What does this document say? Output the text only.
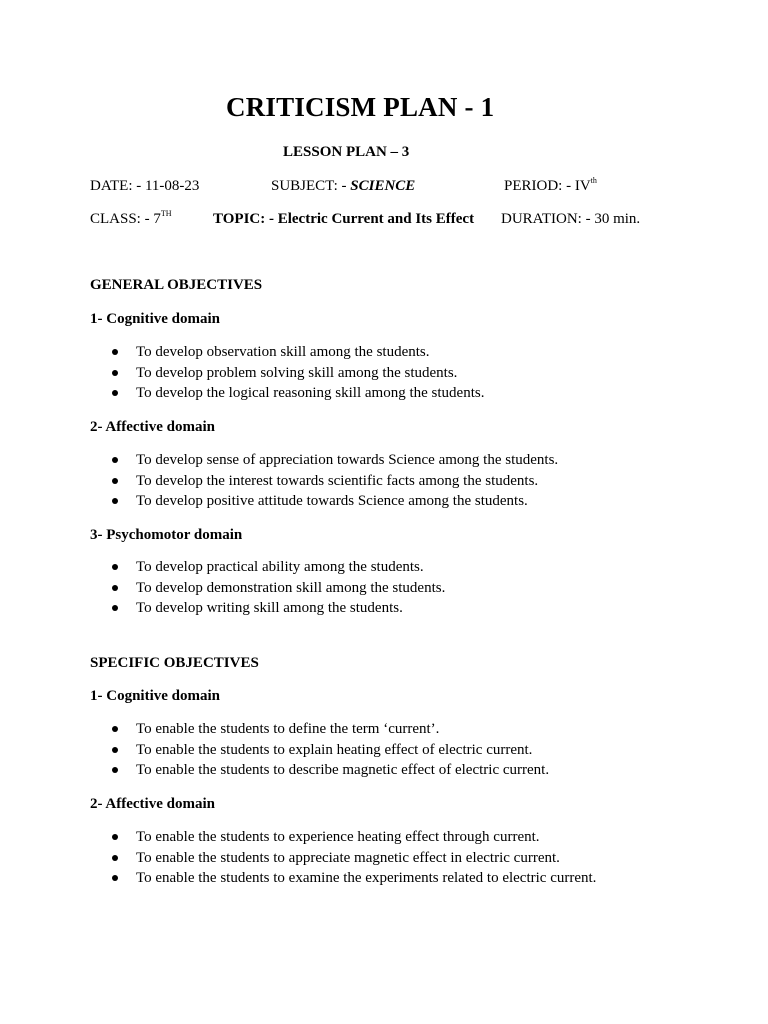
CRITICISM PLAN - 1
LESSON PLAN – 3
DATE: - 11-08-23	SUBJECT: - SCIENCE	PERIOD: - IVth
CLASS: - 7TH	TOPIC: - Electric Current and Its Effect DURATION: - 30 min.
GENERAL OBJECTIVES
1- Cognitive domain
To develop observation skill among the students.
To develop problem solving skill among the students.
To develop the logical reasoning skill among the students.
2- Affective domain
To develop sense of appreciation towards Science among the students.
To develop the interest towards scientific facts among the students.
To develop positive attitude towards Science among the students.
3- Psychomotor domain
To develop practical ability among the students.
To develop demonstration skill among the students.
To develop writing skill among the students.
SPECIFIC OBJECTIVES
1- Cognitive domain
To enable the students to define the term ‘current’.
To enable the students to explain heating effect of electric current.
To enable the students to describe magnetic effect of electric current.
2- Affective domain
To enable the students to experience heating effect through current.
To enable the students to appreciate magnetic effect in electric current.
To enable the students to examine the experiments related to electric current.
